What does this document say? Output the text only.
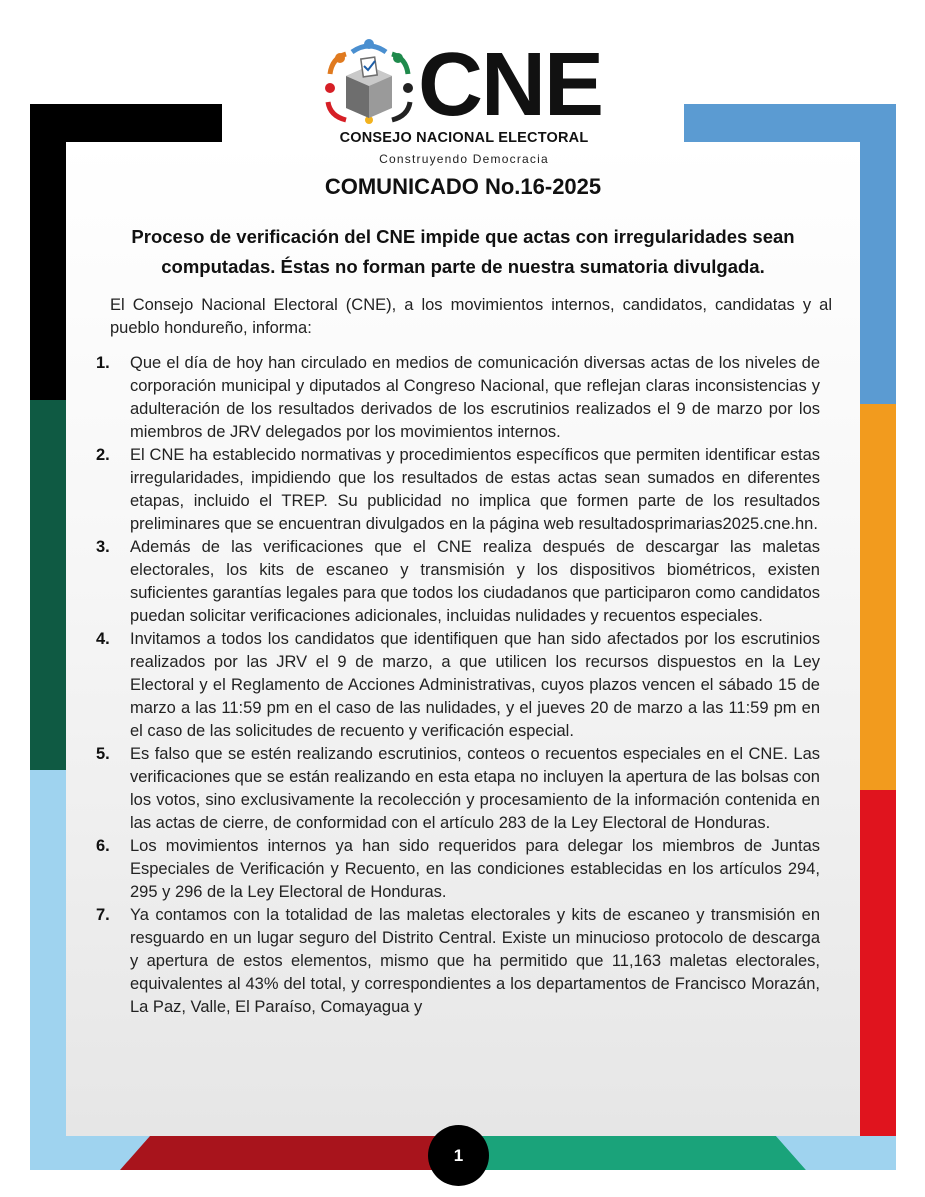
CNE
CONSEJO NACIONAL ELECTORAL
Construyendo Democracia
COMUNICADO No.16-2025
Proceso de verificación del CNE impide que actas con irregularidades sean computadas. Éstas no forman parte de nuestra sumatoria divulgada.
El Consejo Nacional Electoral (CNE), a los movimientos internos, candidatos, candidatas y al pueblo hondureño, informa:
1.	Que el día de hoy han circulado en medios de comunicación diversas actas de los niveles de corporación municipal y diputados al Congreso Nacional, que reflejan claras inconsistencias y adulteración de los resultados derivados de los escrutinios realizados el 9 de marzo por los miembros de JRV delegados por los movimientos internos.
2.	El CNE ha establecido normativas y procedimientos específicos que permiten identificar estas irregularidades, impidiendo que los resultados de estas actas sean sumados en diferentes etapas, incluido el TREP. Su publicidad no implica que formen parte de los resultados preliminares que se encuentran divulgados en la página web resultadosprimarias2025.cne.hn.
3.	Además de las verificaciones que el CNE realiza después de descargar las maletas electorales, los kits de escaneo y transmisión y los dispositivos biométricos, existen suficientes garantías legales para que todos los ciudadanos que participaron como candidatos puedan solicitar verificaciones adicionales, incluidas nulidades y recuentos especiales.
4.	Invitamos a todos los candidatos que identifiquen que han sido afectados por los escrutinios realizados por las JRV el 9 de marzo, a que utilicen los recursos dispuestos en la Ley Electoral y el Reglamento de Acciones Administrativas, cuyos plazos vencen el sábado 15 de marzo a las 11:59 pm en el caso de las nulidades, y el jueves 20 de marzo a las 11:59 pm en el caso de las solicitudes de recuento y verificación especial.
5.	Es falso que se estén realizando escrutinios, conteos o recuentos especiales en el CNE. Las verificaciones que se están realizando en esta etapa no incluyen la apertura de las bolsas con los votos, sino exclusivamente la recolección y procesamiento de la información contenida en las actas de cierre, de conformidad con el artículo 283 de la Ley Electoral de Honduras.
6.	Los movimientos internos ya han sido requeridos para delegar los miembros de Juntas Especiales de Verificación y Recuento, en las condiciones establecidas en los artículos 294, 295 y 296 de la Ley Electoral de Honduras.
7.	Ya contamos con la totalidad de las maletas electorales y kits de escaneo y transmisión en resguardo en un lugar seguro del Distrito Central. Existe un minucioso protocolo de descarga y apertura de estos elementos, mismo que ha permitido que 11,163 maletas electorales, equivalentes al 43% del total, y correspondientes a los departamentos de Francisco Morazán, La Paz, Valle, El Paraíso, Comayagua y
1
